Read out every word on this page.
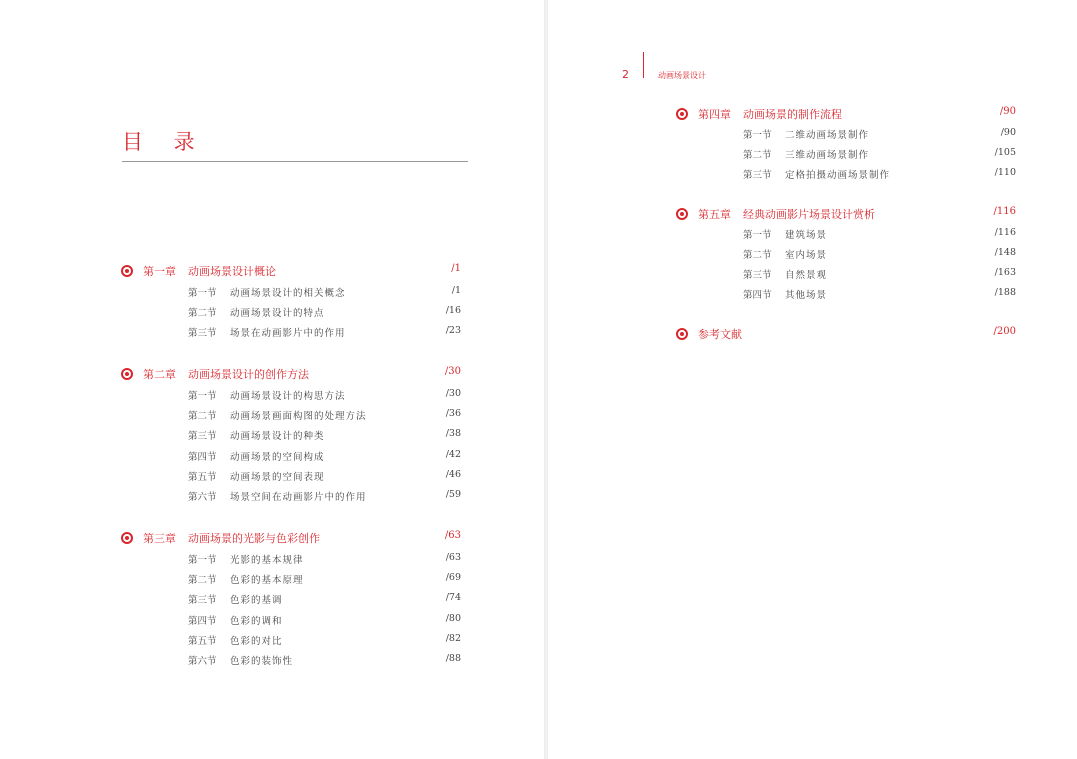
目 录
第一章 动画场景设计概论	/1
第一节 动画场景设计的相关概念	/1
第二节 动画场景设计的特点	/16
第三节 场景在动画影片中的作用	/23
第二章 动画场景设计的创作方法	/30
第一节 动画场景设计的构思方法	/30
第二节 动画场景画面构图的处理方法	/36
第三节 动画场景设计的种类	/38
第四节 动画场景的空间构成	/42
第五节 动画场景的空间表现	/46
第六节 场景空间在动画影片中的作用	/59
第三章 动画场景的光影与色彩创作	/63
第一节 光影的基本规律	/63
第二节 色彩的基本原理	/69
第三节 色彩的基调	/74
第四节 色彩的调和	/80
第五节 色彩的对比	/82
第六节 色彩的装饰性	/88
2	动画场景设计
第四章 动画场景的制作流程	/90
第一节 二维动画场景制作	/90
第二节 三维动画场景制作	/105
第三节 定格拍摄动画场景制作	/110
第五章 经典动画影片场景设计赏析	/116
第一节 建筑场景	/116
第二节 室内场景	/148
第三节 自然景观	/163
第四节 其他场景	/188
参考文献	/200
